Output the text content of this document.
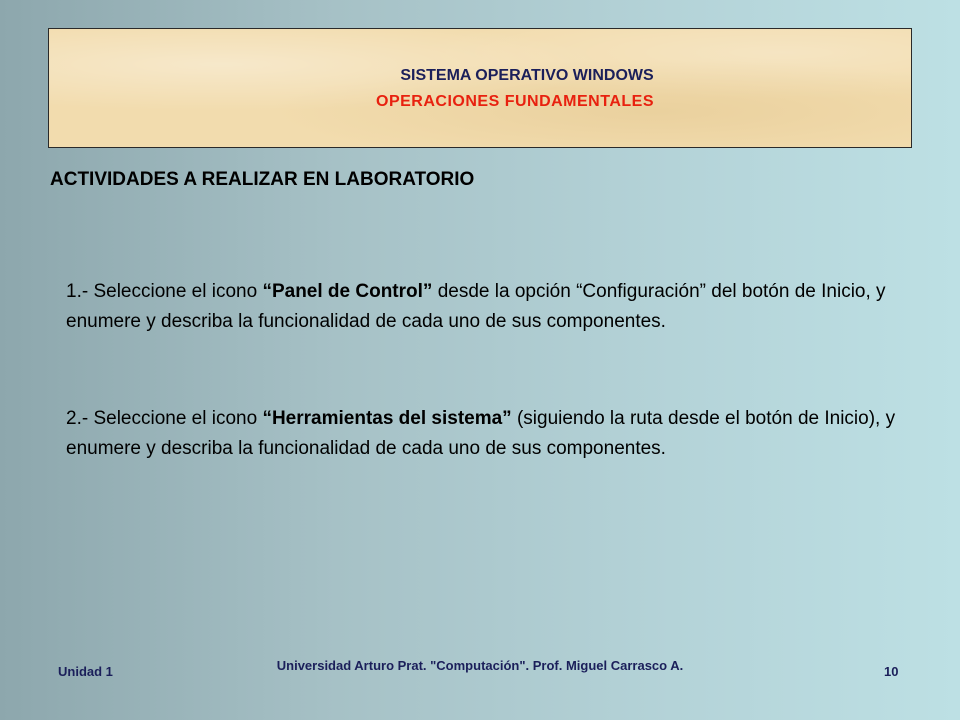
SISTEMA OPERATIVO WINDOWS
OPERACIONES FUNDAMENTALES
ACTIVIDADES A REALIZAR EN LABORATORIO
1.- Seleccione el icono “Panel de Control” desde la opción “Configuración” del botón de Inicio, y enumere y describa la funcionalidad de cada uno de sus componentes.
2.- Seleccione el icono “Herramientas del sistema” (siguiendo la ruta desde el botón de Inicio), y enumere y describa la funcionalidad de cada uno de sus componentes.
Unidad 1	Universidad Arturo Prat. "Computación". Prof. Miguel Carrasco A.	10
